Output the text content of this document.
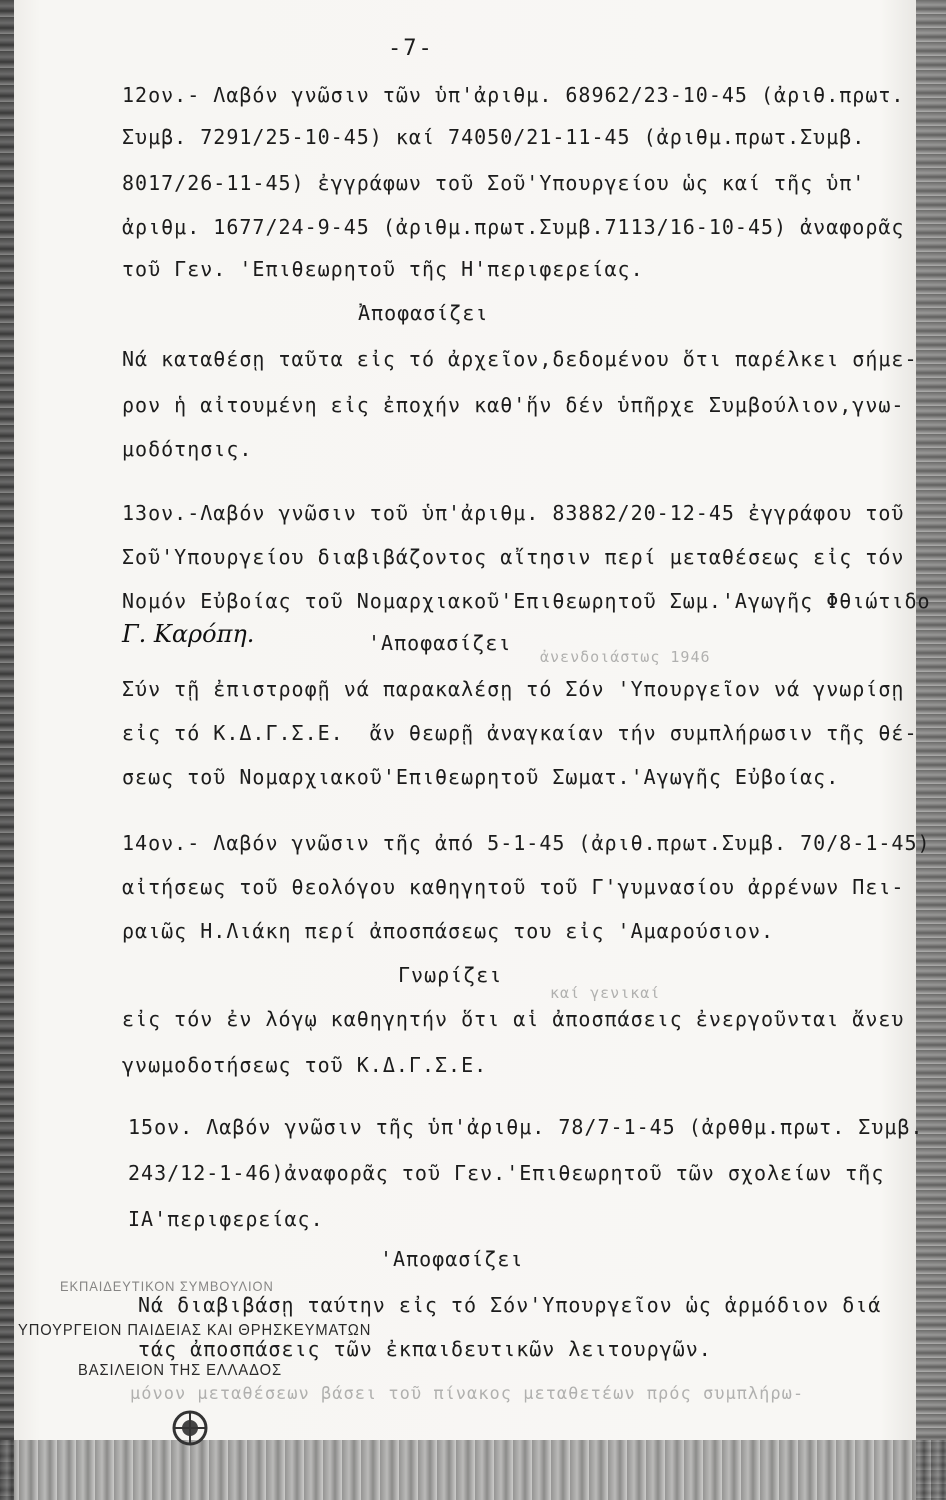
-7-

12ον.- Λαβόν γνῶσιν τῶν ὑπ'ἀριθμ. 68962/23-10-45 (ἀριθ.πρωτ.

Συμβ. 7291/25-10-45) καί 74050/21-11-45 (ἀριθμ.πρωτ.Συμβ.

8017/26-11-45) ἐγγράφων τοῦ Σοῦ'Υπουργείου ὡς καί τῆς ὑπ'

ἀριθμ. 1677/24-9-45 (ἀριθμ.πρωτ.Συμβ.7113/16-10-45) ἀναφορᾶς

τοῦ Γεν. 'Επιθεωρητοῦ τῆς Η'περιφερείας.

Ἀποφασίζει

Νά καταθέσῃ ταῦτα εἰς τό ἀρχεῖον,δεδομένου ὅτι παρέλκει σήμε-

ρον ἡ αἰτουμένη εἰς ἐποχήν καθ'ἥν δέν ὑπῆρχε Συμβούλιον,γνω-

μοδότησις.

13ον.-Λαβόν γνῶσιν τοῦ ὑπ'ἀριθμ. 83882/20-12-45 ἐγγράφου τοῦ

Σοῦ'Υπουργείου διαβιβάζοντος αἴτησιν περί μεταθέσεως εἰς τόν

Νομόν Εὐβοίας τοῦ Νομαρχιακοῦ'Επιθεωρητοῦ Σωμ.'Αγωγῆς Φθιώτιδο

Γ. Καρόπη.	'Αποφασίζει

Σύν τῇ ἐπιστροφῇ νά παρακαλέσῃ τό Σόν 'Υπουργεῖον νά γνωρίσῃ

εἰς τό Κ.Δ.Γ.Σ.Ε.  ἄν θεωρῇ ἀναγκαίαν τήν συμπλήρωσιν τῆς θέ-

σεως τοῦ Νομαρχιακοῦ'Επιθεωρητοῦ Σωματ.'Αγωγῆς Εὐβοίας.

14ον.- Λαβόν γνῶσιν τῆς ἀπό 5-1-45 (ἀριθ.πρωτ.Συμβ. 70/8-1-45)

αἰτήσεως τοῦ θεολόγου καθηγητοῦ τοῦ Γ'γυμνασίου ἀρρένων Πει-

ραιῶς Η.Λιάκη περί ἀποσπάσεως του εἰς 'Αμαρούσιον.

Γνωρίζει

εἰς τόν ἐν λόγῳ καθηγητήν ὅτι αἱ ἀποσπάσεις ἐνεργοῦνται ἄνευ

γνωμοδοτήσεως τοῦ Κ.Δ.Γ.Σ.Ε.

15ον. Λαβόν γνῶσιν τῆς ὑπ'ἀριθμ. 78/7-1-45 (ἀρθθμ.πρωτ. Συμβ.

243/12-1-46)ἀναφορᾶς τοῦ Γεν.'Επιθεωρητοῦ τῶν σχολείων τῆς

ΙΑ'περιφερείας.

'Αποφασίζει

Νά διαβιβάσῃ ταύτην εἰς τό Σόν'Υπουργεῖον ὡς ἁρμόδιον διά

τάς ἀποσπάσεις τῶν ἐκπαιδευτικῶν λειτουργῶν.

ἀνενδοιάστως 1946

καί γενικαί

μόνον μεταθέσεων βάσει τοῦ πίνακος μεταθετέων πρός συμπλήρω-

ΕΚΠΑΙΔΕΥΤΙΚΟΝ ΣΥΜΒΟΥΛΙΟΝ

ΥΠΟΥΡΓΕΙΟΝ ΠΑΙΔΕΙΑΣ ΚΑΙ ΘΡΗΣΚΕΥΜΑΤΩΝ

ΒΑΣΙΛΕΙΟΝ ΤΗΣ ΕΛΛΑΔΟΣ
